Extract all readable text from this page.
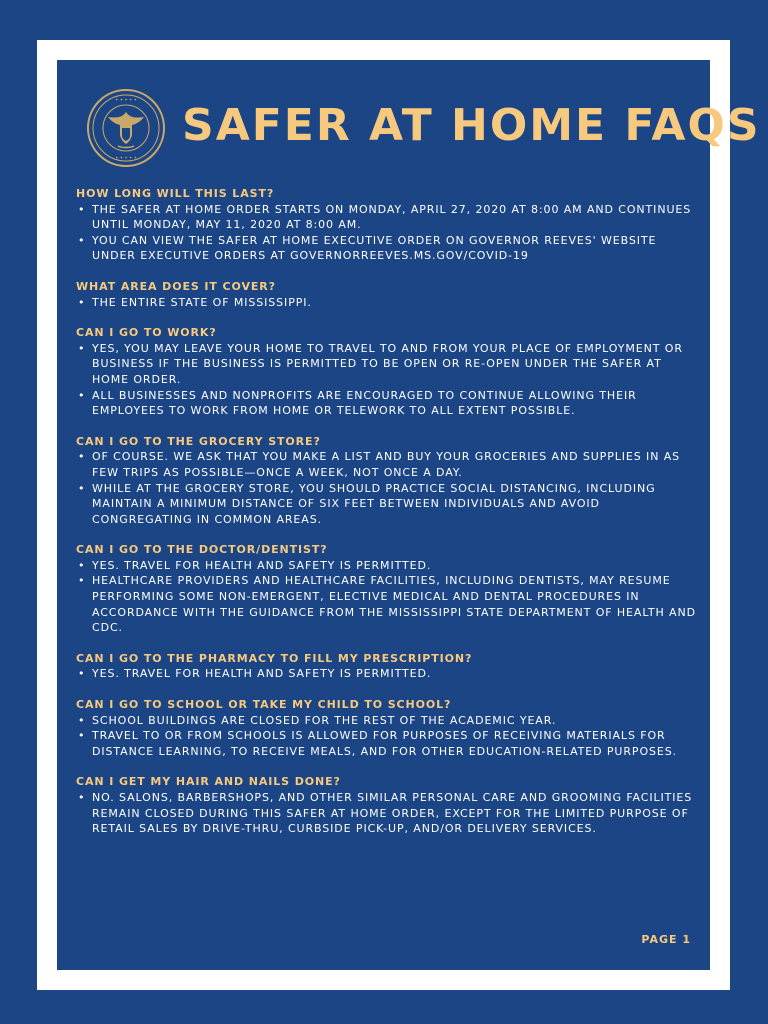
✦ ✦ ✦ ✦ ✦
✦ ✦ ✦ ✦ ✦
SAFER AT HOME FAQS

HOW LONG WILL THIS LAST?

• THE SAFER AT HOME ORDER STARTS ON MONDAY, APRIL 27, 2020 AT 8:00 AM AND CONTINUES UNTIL MONDAY, MAY 11, 2020 AT 8:00 AM.
• YOU CAN VIEW THE SAFER AT HOME EXECUTIVE ORDER ON GOVERNOR REEVES' WEBSITE UNDER EXECUTIVE ORDERS AT GOVERNORREEVES.MS.GOV/COVID-19

WHAT AREA DOES IT COVER?

• THE ENTIRE STATE OF MISSISSIPPI.

CAN I GO TO WORK?

• YES, YOU MAY LEAVE YOUR HOME TO TRAVEL TO AND FROM YOUR PLACE OF EMPLOYMENT OR BUSINESS IF THE BUSINESS IS PERMITTED TO BE OPEN OR RE-OPEN UNDER THE SAFER AT HOME ORDER.
• ALL BUSINESSES AND NONPROFITS ARE ENCOURAGED TO CONTINUE ALLOWING THEIR EMPLOYEES TO WORK FROM HOME OR TELEWORK TO ALL EXTENT POSSIBLE.

CAN I GO TO THE GROCERY STORE?

• OF COURSE. WE ASK THAT YOU MAKE A LIST AND BUY YOUR GROCERIES AND SUPPLIES IN AS FEW TRIPS AS POSSIBLE—ONCE A WEEK, NOT ONCE A DAY.
• WHILE AT THE GROCERY STORE, YOU SHOULD PRACTICE SOCIAL DISTANCING, INCLUDING MAINTAIN A MINIMUM DISTANCE OF SIX FEET BETWEEN INDIVIDUALS AND AVOID CONGREGATING IN COMMON AREAS.

CAN I GO TO THE DOCTOR/DENTIST?

• YES. TRAVEL FOR HEALTH AND SAFETY IS PERMITTED.
• HEALTHCARE PROVIDERS AND HEALTHCARE FACILITIES, INCLUDING DENTISTS, MAY RESUME PERFORMING SOME NON-EMERGENT, ELECTIVE MEDICAL AND DENTAL PROCEDURES IN ACCORDANCE WITH THE GUIDANCE FROM THE MISSISSIPPI STATE DEPARTMENT OF HEALTH AND CDC.

CAN I GO TO THE PHARMACY TO FILL MY PRESCRIPTION?

• YES. TRAVEL FOR HEALTH AND SAFETY IS PERMITTED.

CAN I GO TO SCHOOL OR TAKE MY CHILD TO SCHOOL?

• SCHOOL BUILDINGS ARE CLOSED FOR THE REST OF THE ACADEMIC YEAR.
• TRAVEL TO OR FROM SCHOOLS IS ALLOWED FOR PURPOSES OF RECEIVING MATERIALS FOR DISTANCE LEARNING, TO RECEIVE MEALS, AND FOR OTHER EDUCATION-RELATED PURPOSES.

CAN I GET MY HAIR AND NAILS DONE?

• NO. SALONS, BARBERSHOPS, AND OTHER SIMILAR PERSONAL CARE AND GROOMING FACILITIES REMAIN CLOSED DURING THIS SAFER AT HOME ORDER, EXCEPT FOR THE LIMITED PURPOSE OF RETAIL SALES BY DRIVE-THRU, CURBSIDE PICK-UP, AND/OR DELIVERY SERVICES.
PAGE 1
